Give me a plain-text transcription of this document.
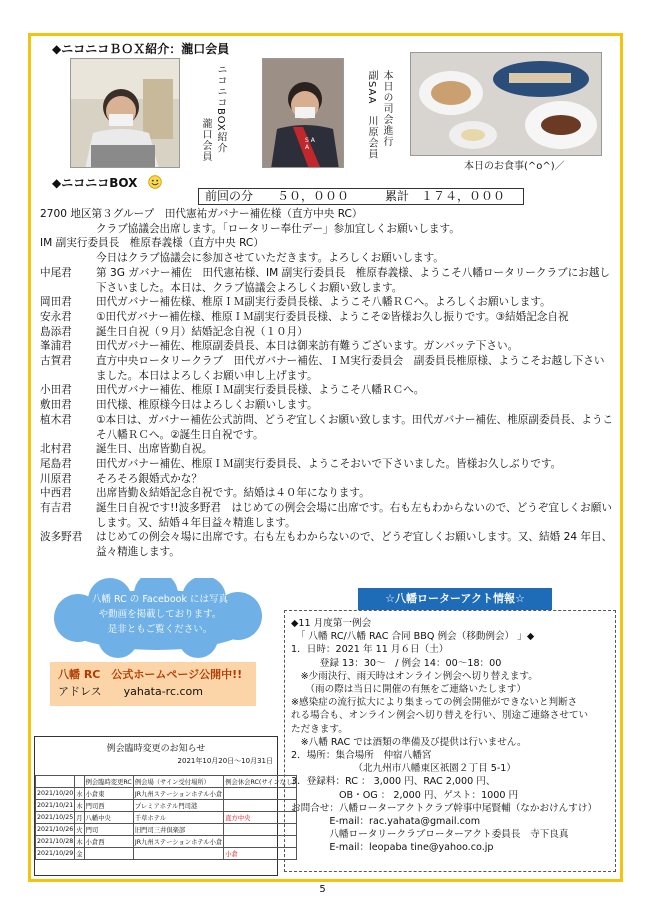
◆ニコニコＢＯＸ紹介：瀧口会員
ニコニコBOX紹介
瀧口会員	S A A
本日の司会進行
副SAA　川原会員
本日のお食事(^o^)／
◆ニコニコBOX
前回の分　　５０，０００　　　累計　１７４，０００
2700 地区第３グループ　田代憲祐ガバナー補佐様（直方中央 RC）
クラブ協議会出席します。「ロータリー奉仕デー」参加宜しくお願いします。
IM 副実行委員長　椎原春義様（直方中央 RC）
今日はクラブ協議会に参加させていただきます。よろしくお願いします。
中尾君	第 3G ガバナー補佐　田代憲祐様、IM 副実行委員長　椎原春義様、ようこそ八幡ロータリークラブにお越し下さいました。本日は、クラブ協議会よろしくお願い致します。
岡田君	田代ガバナー補佐様、椎原ＩＭ副実行委員長様、ようこそ八幡ＲＣへ。よろしくお願いします。
安永君	①田代ガバナー補佐様、椎原ＩＭ副実行委員長様、ようこそ②皆様お久し振りです。③結婚記念自祝
島添君	誕生日自祝（９月）結婚記念自祝（１０月）
峯浦君	田代ガバナー補佐、椎原副委員長、本日は御来訪有難うございます。ガンバッテ下さい。
古賀君	直方中央ロータリークラブ　田代ガバナー補佐、ＩＭ実行委員会　副委員長椎原様、ようこそお越し下さいました。本日はよろしくお願い申し上げます。
小田君	田代ガバナー補佐、椎原ＩＭ副実行委員長様、ようこそ八幡ＲＣへ。
敷田君	田代様、椎原様今日はよろしくお願いします。
植木君	①本日は、ガバナー補佐公式訪問、どうぞ宜しくお願い致します。田代ガバナー補佐、椎原副委員長、ようこそ八幡ＲＣへ。②誕生日自祝です。
北村君	誕生日、出席皆勤自祝。
尾島君	田代ガバナー補佐、椎原ＩＭ副実行委員長、ようこそおいで下さいました。皆様お久しぶりです。
川原君	そろそろ銀婚式かな？
中西君	出席皆勤＆結婚記念自祝です。結婚は４０年になります。
有吉君	誕生日自祝です!!波多野君　はじめての例会会場に出席です。右も左もわからないので、どうぞ宜しくお願いします。又、結婚４年目益々精進します。
波多野君	はじめての例会々場に出席です。右も左もわからないので、どうぞ宜しくお願いします。又、結婚 24 年目、益々精進します。
八幡 RC の Facebook には写真
や動画を掲載しております。
是非ともご覧ください。
八幡 RC　公式ホームページ公開中!!
アドレス　　 yahata-rc.com
☆八幡ローターアクト情報☆
◆11 月度第一例会
　「 八幡 RC/八幡 RAC 合同 BBQ 例会（移動例会） 」◆
1．日時：2021 年 11 月６日（土）
　　　登録 13：30～　/ 例会 14：00～18：00
　※少雨決行、雨天時はオンライン例会へ切り替えます。
　　（雨の際は当日に開催の有無をご連絡いたします）
※感染症の流行拡大により集まっての例会開催ができないと判断さ
れる場合も、オンライン例会へ切り替えを行い、別途ご連絡させてい
ただきます。
　※八幡 RAC では酒類の準備及び提供は行いません。
2．場所：集合場所　仲宿八幡宮
　　　　　　　（北九州市八幡東区祇園２丁目 5-1）
3．登録料：RC ： 3,000 円、RAC 2,000 円、
　　　　　OB・OG ： 2,000 円、ゲスト：1000 円
お問合せ：八幡ローターアクトクラブ幹事中尾賢輔（なかおけんすけ）
　　　　E-mail：rac.yahata@gmail.com
　　　　八幡ロータリークラブローターアクト委員長　寺下良真
　　　　E-mail：leopaba tine@yahoo.co.jp
例会臨時変更のお知らせ
2021年10月20日～10月31日
		例会臨時変更RC	例会場（サイン受付場所）	例会休会RC(サインなし)
2021/10/20	水	小倉東	JR九州ステーションホテル小倉	
2021/10/21	木	門司西	プレミアホテル門司港	
2021/10/25	月	八幡中央	千草ホテル	直方中央
2021/10/26	火	門司	旧門司三井倶楽部	
2021/10/28	木	小倉西	JR九州ステーションホテル小倉	
2021/10/29	金			小倉
5
